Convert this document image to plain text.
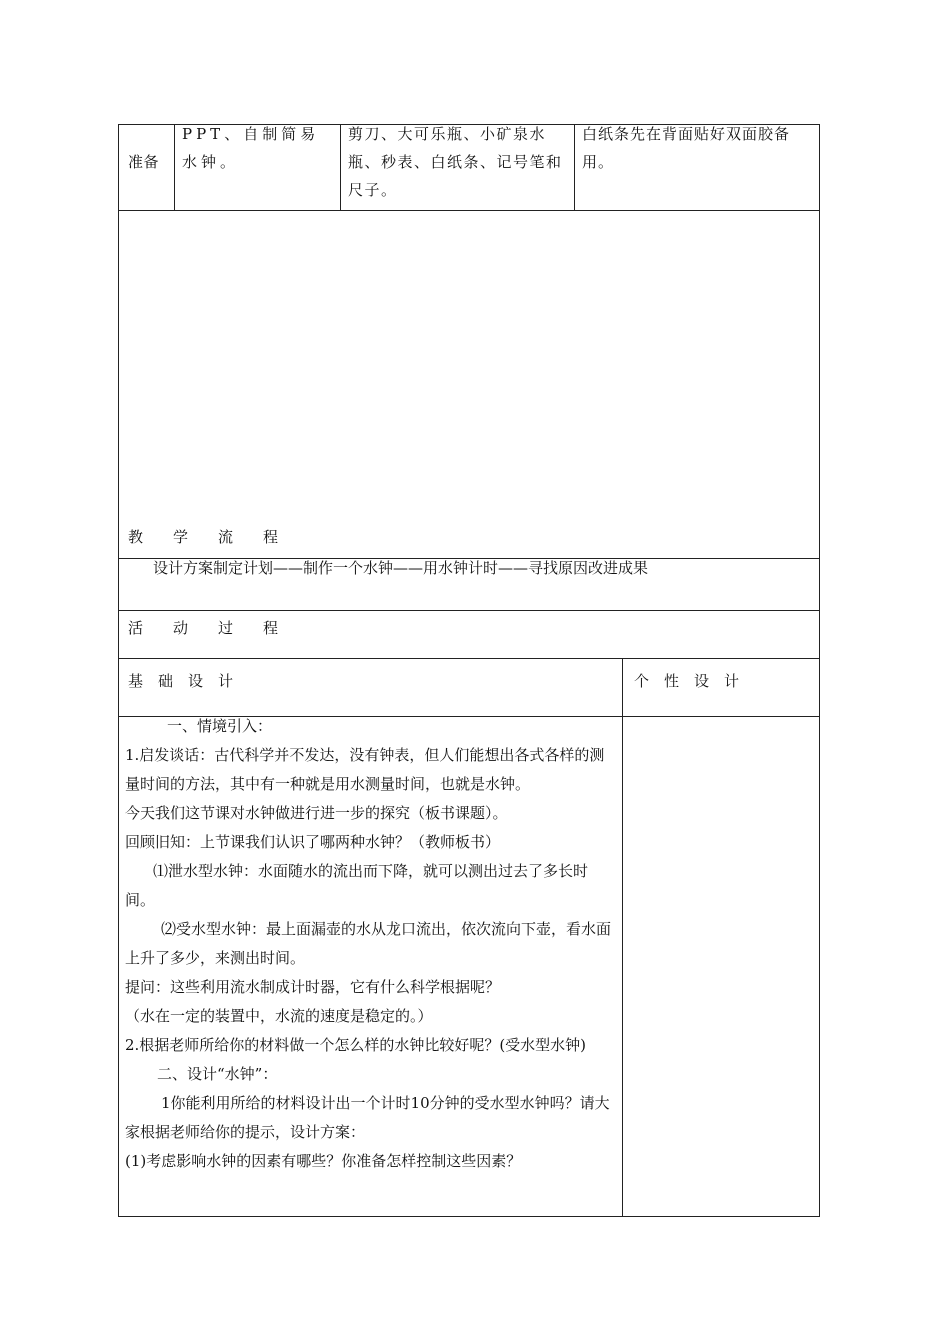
准备
PPT、自制简易水钟。
剪刀、大可乐瓶、小矿泉水瓶、秒表、白纸条、记号笔和尺子。
白纸条先在背面贴好双面胶备用。
教　　学　　流　　程
设计方案制定计划——制作一个水钟——用水钟计时——寻找原因改进成果
活　　动　　过　　程
基　础　设　计	个　性　设　计
一、情境引入：
1.启发谈话：古代科学并不发达，没有钟表，但人们能想出各式各样的测量时间的方法，其中有一种就是用水测量时间，也就是水钟。
今天我们这节课对水钟做进行进一步的探究（板书课题）。
回顾旧知：上节课我们认识了哪两种水钟？（教师板书）
⑴泄水型水钟：水面随水的流出而下降，就可以测出过去了多长时间。
⑵受水型水钟：最上面漏壶的水从龙口流出，依次流向下壶，看水面上升了多少，来测出时间。
提问：这些利用流水制成计时器，它有什么科学根据呢？
（水在一定的装置中，水流的速度是稳定的。）
2.根据老师所给你的材料做一个怎么样的水钟比较好呢？(受水型水钟)
二、设计“水钟”：
1你能利用所给的材料设计出一个计时10分钟的受水型水钟吗？请大家根据老师给你的提示，设计方案：
(1)考虑影响水钟的因素有哪些？你准备怎样控制这些因素？
